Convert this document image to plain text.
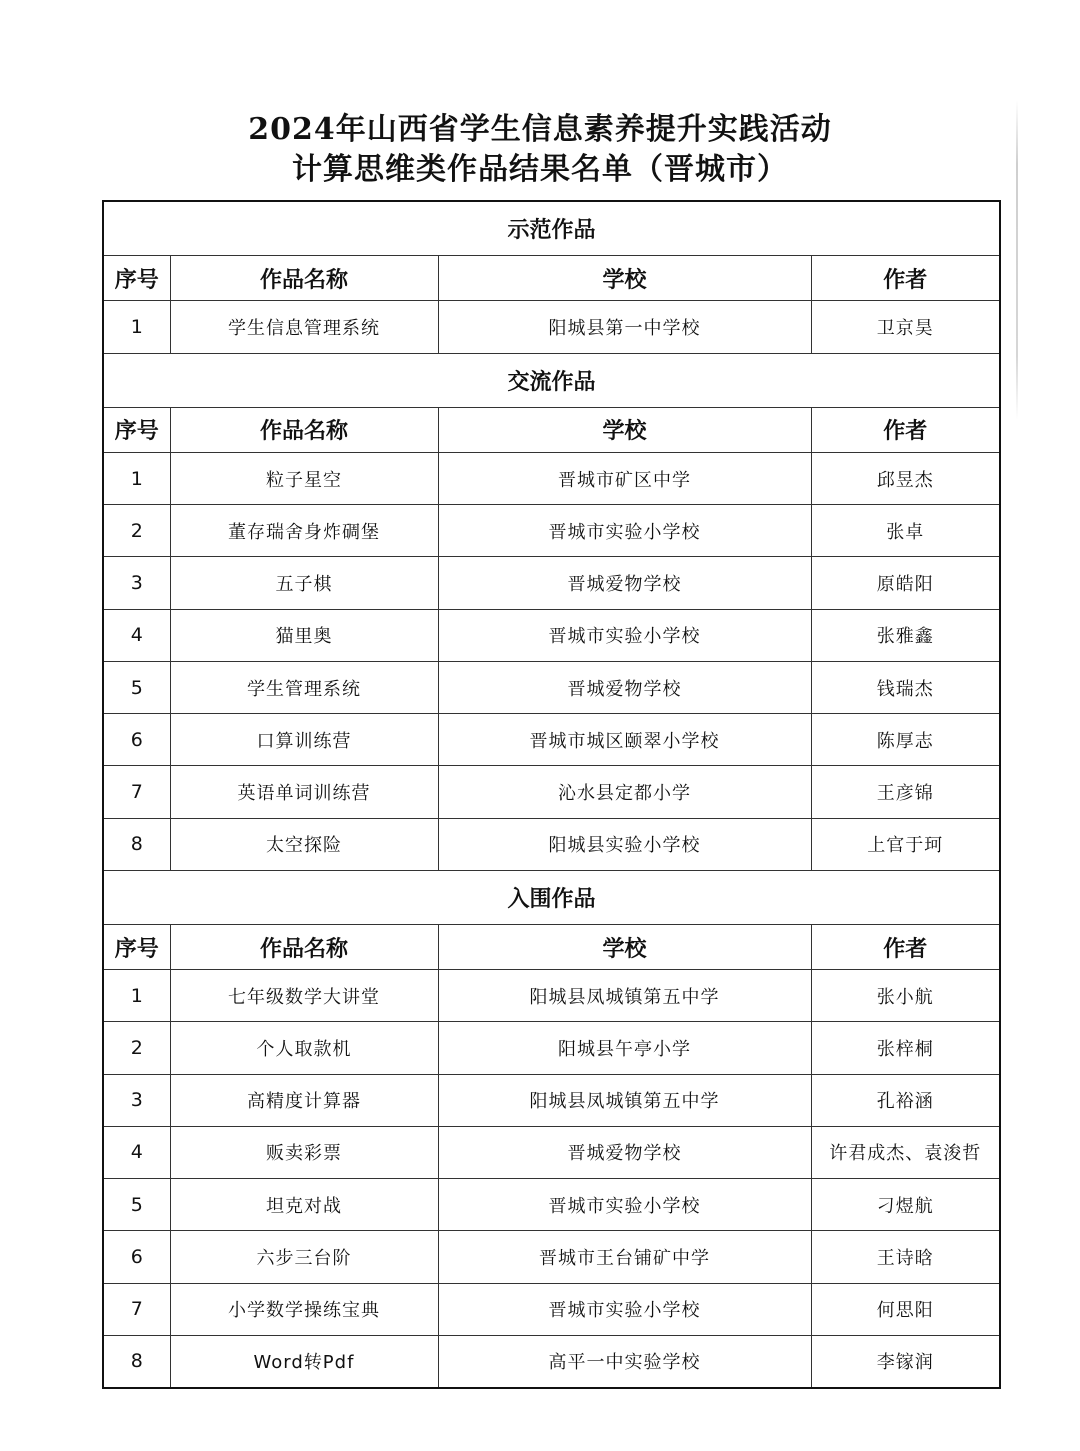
2024年山西省学生信息素养提升实践活动
计算思维类作品结果名单（晋城市）
示范作品			
序号	作品名称	学校	作者
1	学生信息管理系统	阳城县第一中学校	卫京昊
交流作品			
序号	作品名称	学校	作者
1	粒子星空	晋城市矿区中学	邱昱杰
2	董存瑞舍身炸碉堡	晋城市实验小学校	张卓
3	五子棋	晋城爱物学校	原皓阳
4	猫里奥	晋城市实验小学校	张雅鑫
5	学生管理系统	晋城爱物学校	钱瑞杰
6	口算训练营	晋城市城区颐翠小学校	陈厚志
7	英语单词训练营	沁水县定都小学	王彦锦
8	太空探险	阳城县实验小学校	上官于珂
入围作品			
序号	作品名称	学校	作者
1	七年级数学大讲堂	阳城县凤城镇第五中学	张小航
2	个人取款机	阳城县午亭小学	张梓桐
3	高精度计算器	阳城县凤城镇第五中学	孔裕涵
4	贩卖彩票	晋城爱物学校	许君成杰、袁浚哲
5	坦克对战	晋城市实验小学校	刁煜航
6	六步三台阶	晋城市王台铺矿中学	王诗晗
7	小学数学操练宝典	晋城市实验小学校	何思阳
8	Word转Pdf	高平一中实验学校	李镓润
